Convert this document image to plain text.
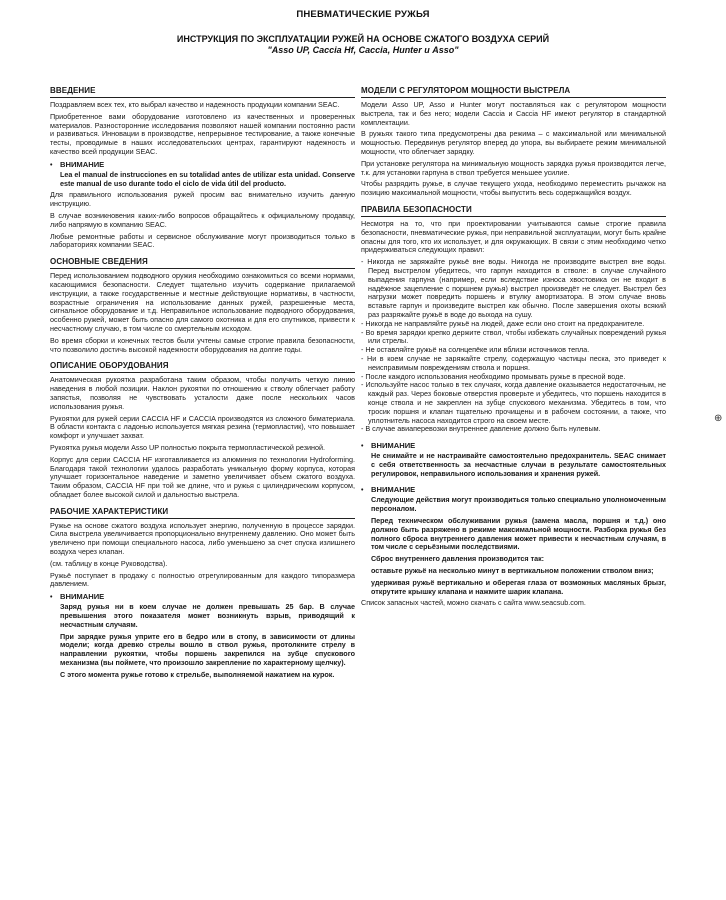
ПНЕВМАТИЧЕСКИЕ РУЖЬЯ
ИНСТРУКЦИЯ ПО ЭКСПЛУАТАЦИИ РУЖЕЙ НА ОСНОВЕ СЖАТОГО ВОЗДУХА СЕРИЙ
"Asso UP, Caccia Hf, Caccia, Hunter и Asso"
ВВЕДЕНИЕ

Поздравляем всех тех, кто выбрал качество и надежность продукции компании SEAC.

Приобретенное вами оборудование изготовлено из качественных и проверенных материалов. Разносторонние исследования позволяют нашей компании постоянно расти и развиваться. Инновации в производстве, непрерывное тестирование, а также конечные тесты, проводимые в наших исследовательских центрах, гарантируют надежность и качество всей продукции SEAC.

• ВНИМАНИЕ

Lea el manual de instrucciones en su totalidad antes de utilizar esta unidad. Conserve este manual de uso durante todo el ciclo de vida útil del producto.

Для правильного использования ружей просим вас внимательно изучить данную инструкцию.

В случае возникновения каких-либо вопросов обращайтесь к официальному продавцу, либо напрямую в компанию SEAC.

Любые ремонтные работы и сервисное обслуживание могут производиться только в лабораториях компании SEAC.

ОСНОВНЫЕ СВЕДЕНИЯ

Перед использованием подводного оружия необходимо ознакомиться со всеми нормами, касающимися безопасности. Следует тщательно изучить содержание прилагаемой инструкции, а также государственные и местные действующие нормативы, в частности, возрастные ограничения на использование данных ружей, разрешенные места, сигнальное оборудование и т.д. Неправильное использование подводного оборудования, особенно ружей, может быть опасно для самого охотника и для его спутников, привести к несчастному случаю, в том числе со смертельным исходом.

Во время сборки и конечных тестов были учтены самые строгие правила безопасности, что позволило достичь высокой надежности оборудования на долгие годы.

ОПИСАНИЕ ОБОРУДОВАНИЯ

Анатомическая рукоятка разработана таким образом, чтобы получить четкую линию наведения в любой позиции. Наклон рукоятки по отношению к стволу облегчает работу запястья, позволяя не чувствовать усталости даже после нескольких часов использования ружья.

Рукоятки для ружей серии CACCIA HF и CACCIA производятся из сложного биматериала. В области контакта с ладонью используется мягкая резина (термопластик), что повышает комфорт и улучшает захват.

Рукоятка ружья модели Asso UP полностью покрыта термопластической резиной.

Корпус для серии CACCIA HF изготавливается из алюминия по технологии Hydroforming. Благодаря такой технологии удалось разработать уникальную форму корпуса, которая улучшает горизонтальное наведение и заметно увеличивает объем сжатого воздуха. Таким образом, CACCIA HF при той же длине, что и ружья с цилиндрическим корпусом, обладает более высокой силой и дальностью выстрела.

РАБОЧИЕ ХАРАКТЕРИСТИКИ

Ружье на основе сжатого воздуха использует энергию, полученную в процессе зарядки. Сила выстрела увеличивается пропорционально внутреннему давлению. Оно может быть увеличено при помощи специального насоса, либо уменьшено за счет спуска излишнего воздуха через клапан.

(см. таблицу в конце Руководства).

Ружьё поступает в продажу с полностью отрегулированным для каждого типоразмера давлением.

• ВНИМАНИЕ

Заряд ружья ни в коем случае не должен превышать 25 бар. В случае превышения этого показателя может возникнуть взрыв, приводящий к несчастным случаям.

При зарядке ружья уприте его в бедро или в стопу, в зависимости от длины модели; когда древко стрелы вошло в ствол ружья, протолкните стрелу в направлении рукоятки, чтобы поршень закрепился на зубце спускового механизма (вы поймете, что произошло закрепление по характерному щелчку).

С этого момента ружье готово к стрельбе, выполняемой нажатием на курок.

МОДЕЛИ С РЕГУЛЯТОРОМ МОЩНОСТИ ВЫСТРЕЛА

Модели Asso UP, Asso и Hunter могут поставляться как с регулятором мощности выстрела, так и без него; модели Caccia и Caccia HF имеют регулятор в стандартной комплектации.

В ружьях такого типа предусмотрены два режима – с максимальной или минимальной мощностью. Передвинув регулятор вперед до упора, вы выбираете режим минимальной мощности, что облегчает зарядку.

При установке регулятора на минимальную мощность зарядка ружья производится легче, т.к. для установки гарпуна в ствол требуется меньшее усилие.

Чтобы разрядить ружье, в случае текущего ухода, необходимо переместить рычажок на позицию максимальной мощности, чтобы выпустить весь содержащийся воздух.

ПРАВИЛА БЕЗОПАСНОСТИ

Несмотря на то, что при проектировании учитываются самые строгие правила безопасности, пневматические ружья, при неправильной эксплуатации, могут быть крайне опасны для того, кто их использует, и для окружающих. В связи с этим необходимо четко придерживаться следующих правил:

- Никогда не заряжайте ружьё вне воды. Никогда не производите выстрел вне воды. Перед выстрелом убедитесь, что гарпун находится в стволе: в случае случайного выпадения гарпуна (например, если вследствие износа хвостовика он не входит в надёжное зацепление с поршнем ружья) выстрел произведёт не следует. Выстрел без нагрузки может повредить поршень и втулку амортизатора. В этом случае вновь вставьте гарпун и произведите выстрел как обычно. После завершения охоты всякий раз разряжайте ружьё в воде до выхода на сушу.
- Никогда не направляйте ружьё на людей, даже если оно стоит на предохранителе.
- Во время зарядки крепко держите ствол, чтобы избежать случайных повреждений ружья или стрелы.
- Не оставляйте ружьё на солнцепёке или вблизи источников тепла.
- Ни в коем случае не заряжайте стрелу, содержащую частицы песка, это приведет к неисправимым повреждениям ствола и поршня.
- После каждого использования необходимо промывать ружье в пресной воде.
- Используйте насос только в тех случаях, когда давление оказывается недостаточным, не каждый раз. Через боковые отверстия проверьте и убедитесь, что поршень находится в конце ствола и не закреплен на зубце спускового механизма. Убедитесь в том, что тросик поршня и клапан тщательно прочищены и в рабочем состоянии, а также, что уплотнитель насоса находится строго на своем месте.
- В случае авиаперевозки внутреннее давление должно быть нулевым.
• ВНИМАНИЕ

Не снимайте и не настраивайте самостоятельно предохранитель. SEAC снимает с себя ответственность за несчастные случаи в результате самостоятельных регулировок, неправильного использования и хранения ружей.

• ВНИМАНИЕ

Следующие действия могут производиться только специально уполномоченным персоналом.

Перед техническом обслуживании ружья (замена масла, поршня и т.д.) оно должно быть разряжено в режиме максимальной мощности. Разборка ружья без полного сброса внутреннего давления может привести к несчастным случаям, в том числе с серьёзными последствиями.

Сброс внутреннего давления производится так:

оставьте ружьё на несколько минут в вертикальном положении стволом вниз;

удерживая ружьё вертикально и оберегая глаза от возможных масляных брызг, открутите крышку клапана и нажмите шарик клапана.

Список запасных частей, можно скачать с сайта www.seacsub.com.

⊕
